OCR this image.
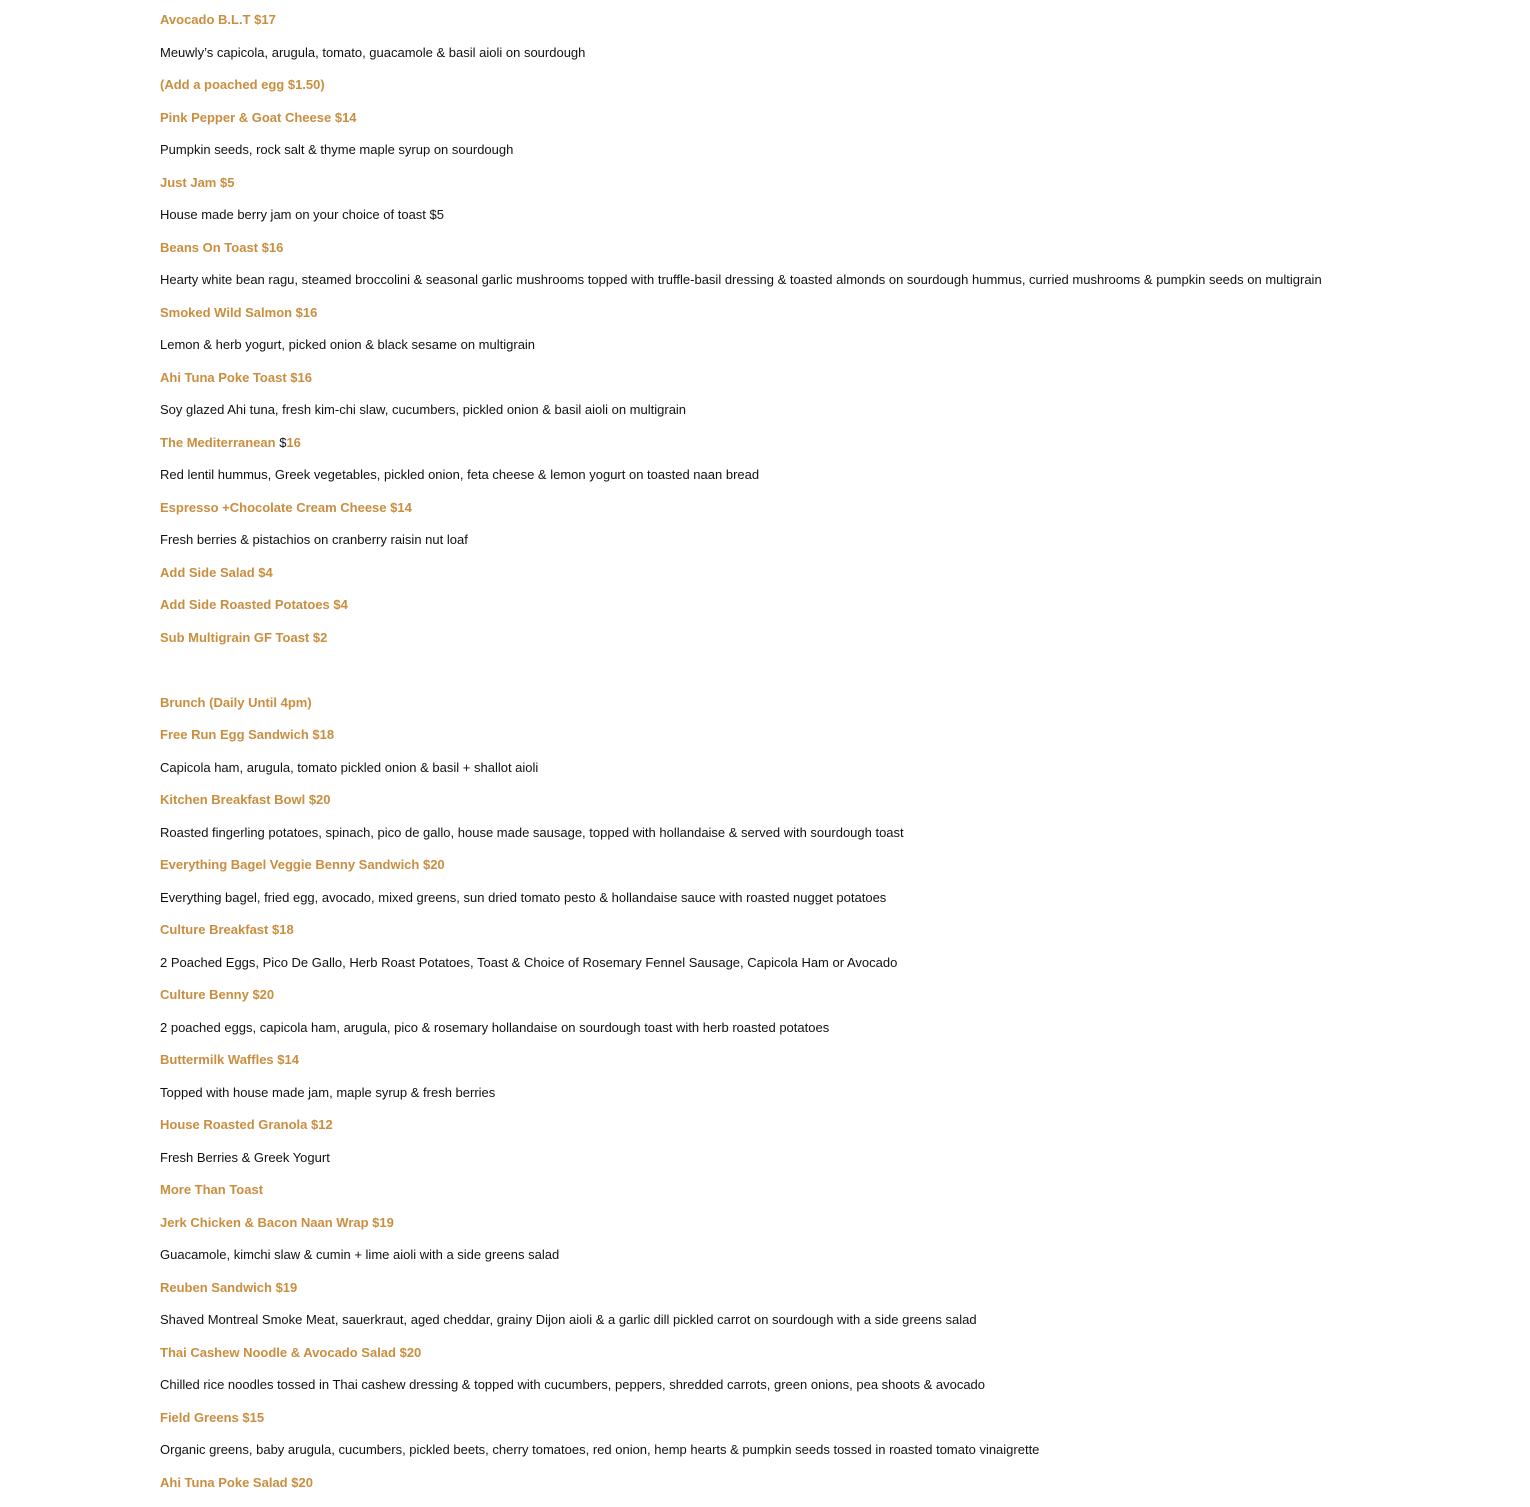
Avocado B.L.T $17
Meuwly’s capicola, arugula, tomato, guacamole & basil aioli on sourdough
(Add a poached egg $1.50)
Pink Pepper & Goat Cheese $14
Pumpkin seeds, rock salt & thyme maple syrup on sourdough
Just Jam $5
House made berry jam on your choice of toast $5
Beans On Toast $16
Hearty white bean ragu, steamed broccolini & seasonal garlic mushrooms topped with truffle-basil dressing & toasted almonds on sourdough hummus, curried mushrooms & pumpkin seeds on multigrain
Smoked Wild Salmon $16
Lemon & herb yogurt, picked onion & black sesame on multigrain
Ahi Tuna Poke Toast $16
Soy glazed Ahi tuna, fresh kim-chi slaw, cucumbers, pickled onion & basil aioli on multigrain
The Mediterranean $16
Red lentil hummus, Greek vegetables, pickled onion, feta cheese & lemon yogurt on toasted naan bread
Espresso +Chocolate Cream Cheese $14
Fresh berries & pistachios on cranberry raisin nut loaf
Add Side Salad $4
Add Side Roasted Potatoes $4
Sub Multigrain GF Toast $2
Brunch (Daily Until 4pm)
Free Run Egg Sandwich $18
Capicola ham, arugula, tomato pickled onion & basil + shallot aioli
Kitchen Breakfast Bowl $20
Roasted fingerling potatoes, spinach, pico de gallo, house made sausage, topped with hollandaise & served with sourdough toast
Everything Bagel Veggie Benny Sandwich $20
Everything bagel, fried egg, avocado, mixed greens, sun dried tomato pesto & hollandaise sauce with roasted nugget potatoes
Culture Breakfast $18
2 Poached Eggs, Pico De Gallo, Herb Roast Potatoes, Toast & Choice of Rosemary Fennel Sausage, Capicola Ham or Avocado
Culture Benny $20
2 poached eggs, capicola ham, arugula, pico & rosemary hollandaise on sourdough toast with herb roasted potatoes
Buttermilk Waffles $14
Topped with house made jam, maple syrup & fresh berries
House Roasted Granola $12
Fresh Berries & Greek Yogurt
More Than Toast
Jerk Chicken & Bacon Naan Wrap $19
Guacamole, kimchi slaw & cumin + lime aioli with a side greens salad
Reuben Sandwich $19
Shaved Montreal Smoke Meat, sauerkraut, aged cheddar, grainy Dijon aioli & a garlic dill pickled carrot on sourdough with a side greens salad
Thai Cashew Noodle & Avocado Salad $20
Chilled rice noodles tossed in Thai cashew dressing & topped with cucumbers, peppers, shredded carrots, green onions, pea shoots & avocado
Field Greens $15
Organic greens, baby arugula, cucumbers, pickled beets, cherry tomatoes, red onion, hemp hearts & pumpkin seeds tossed in roasted tomato vinaigrette
Ahi Tuna Poke Salad $20
